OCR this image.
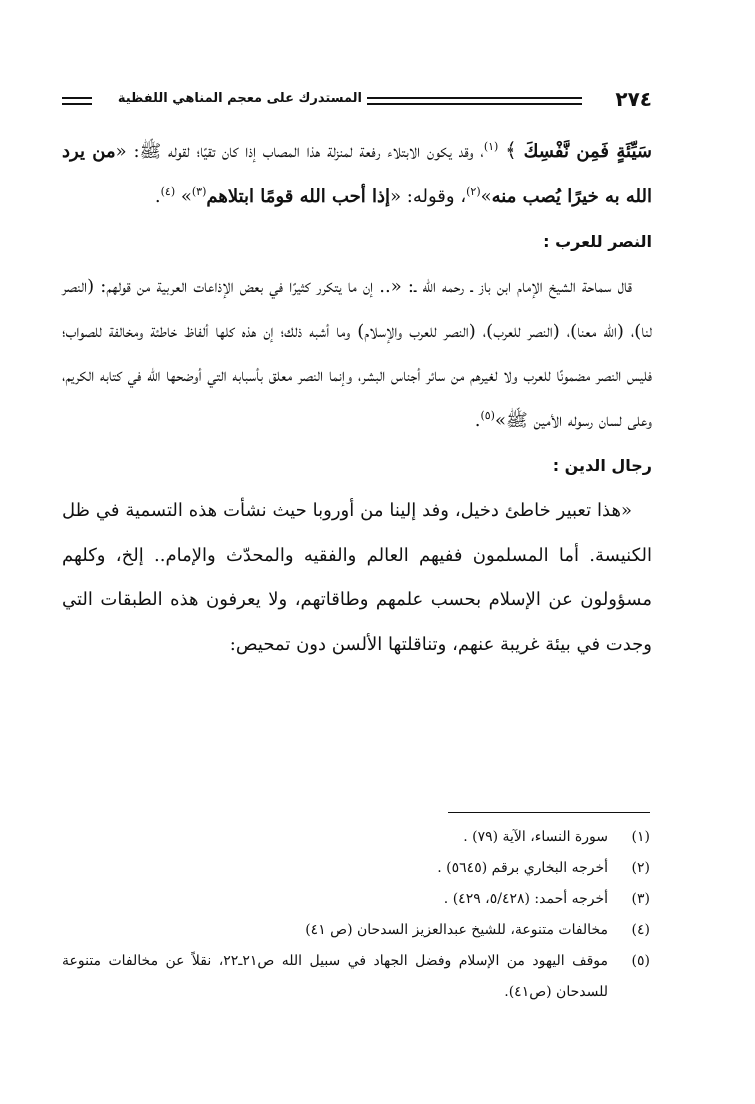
٢٧٤
المستدرك على معجم المناهي اللفظية

سَيِّئَةٍ فَمِن نَّفْسِكَ ﴾ $^{(١)}$، وقد يكون الابتلاء رفعة لمنزلة هذا المصاب إذا كان تقيًا؛ لقوله ﷺ: «من يرد الله به خيرًا يُصب منه»$^{(٢)}$، وقوله: «إذا أحب الله قومًا ابتلاهم$^{(٣)}$» $^{(٤)}$.

النصر للعرب :

قال سماحة الشيخ الإمام ابن باز ـ رحمه الله ـ: «.. إن ما يتكرر كثيرًا في بعض الإذاعات العربية من قولهم: (النصر لنا)، (الله معنا)، (النصر للعرب)، (النصر للعرب والإسلام) وما أشبه ذلك؛ إن هذه كلها ألفاظ خاطئة ومخالفة للصواب؛ فليس النصر مضمونًا للعرب ولا لغيرهم من سائر أجناس البشر، وإنما النصر معلق بأسبابه التي أوضحها الله في كتابه الكريم، وعلى لسان رسوله الأمين ﷺ»$^{(٥)}$.

رجال الدين :

«هذا تعبير خاطئ دخيل، وفد إلينا من أوروبا حيث نشأت هذه التسمية في ظل الكنيسة. أما المسلمون ففيهم العالم والفقيه والمحدّث والإمام.. إلخ، وكلهم مسؤولون عن الإسلام بحسب علمهم وطاقاتهم، ولا يعرفون هذه الطبقات التي وجدت في بيئة غريبة عنهم، وتناقلتها الألسن دون تمحيص:

(١)
سورة النساء، الآية (٧٩) .
(٢)
أخرجه البخاري برقم (٥٦٤٥) .
(٣)
أخرجه أحمد: (٥/٤٢٨، ٤٢٩) .
(٤)
مخالفات متنوعة، للشيخ عبدالعزيز السدحان (ص ٤١)
(٥)
موقف اليهود من الإسلام وفضل الجهاد في سبيل الله ص٢١ـ٢٢، نقلاً عن مخالفات متنوعة للسدحان (ص٤١).
